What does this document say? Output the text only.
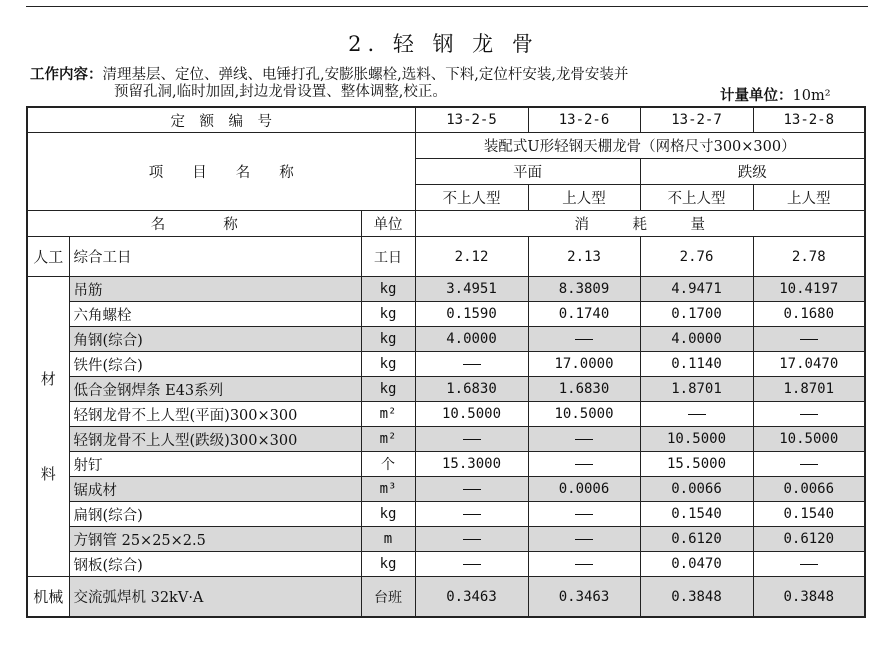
2. 轻 钢 龙 骨
工作内容：清理基层、定位、弹线、电锤打孔,安膨胀螺栓,选料、下料,定位杆安装,龙骨安装并
预留孔洞,临时加固,封边龙骨设置、整体调整,校正。	计量单位：10m²
定　额　编　号			13-2-5	13-2-6	13-2-7	13-2-8
项　　目　　名　　称			装配式U形轻钢天棚龙骨（网格尺寸300×300）			
			平面		跌级	
			不上人型	上人型	不上人型	上人型
名　　　　称		单位	消　　　耗　　　量			
人工	综合工日	工日	2.12	2.13	2.76	2.78

材
料	吊筋	kg	3.4951	8.3809	4.9471	10.4197
	六角螺栓	kg	0.1590	0.1740	0.1700	0.1680
	角钢(综合)	kg	4.0000		4.0000	
	铁件(综合)	kg		17.0000	0.1140	17.0470
	低合金钢焊条 E43系列	kg	1.6830	1.6830	1.8701	1.8701
	轻钢龙骨不上人型(平面)300×300	m²	10.5000	10.5000		
	轻钢龙骨不上人型(跌级)300×300	m²			10.5000	10.5000
	射钉	个	15.3000		15.5000	
	锯成材	m³		0.0006	0.0066	0.0066
	扁钢(综合)	kg			0.1540	0.1540
	方钢管 25×25×2.5	m			0.6120	0.6120
	钢板(综合)	kg			0.0470	
机械	交流弧焊机 32kV·A	台班	0.3463	0.3463	0.3848	0.3848
